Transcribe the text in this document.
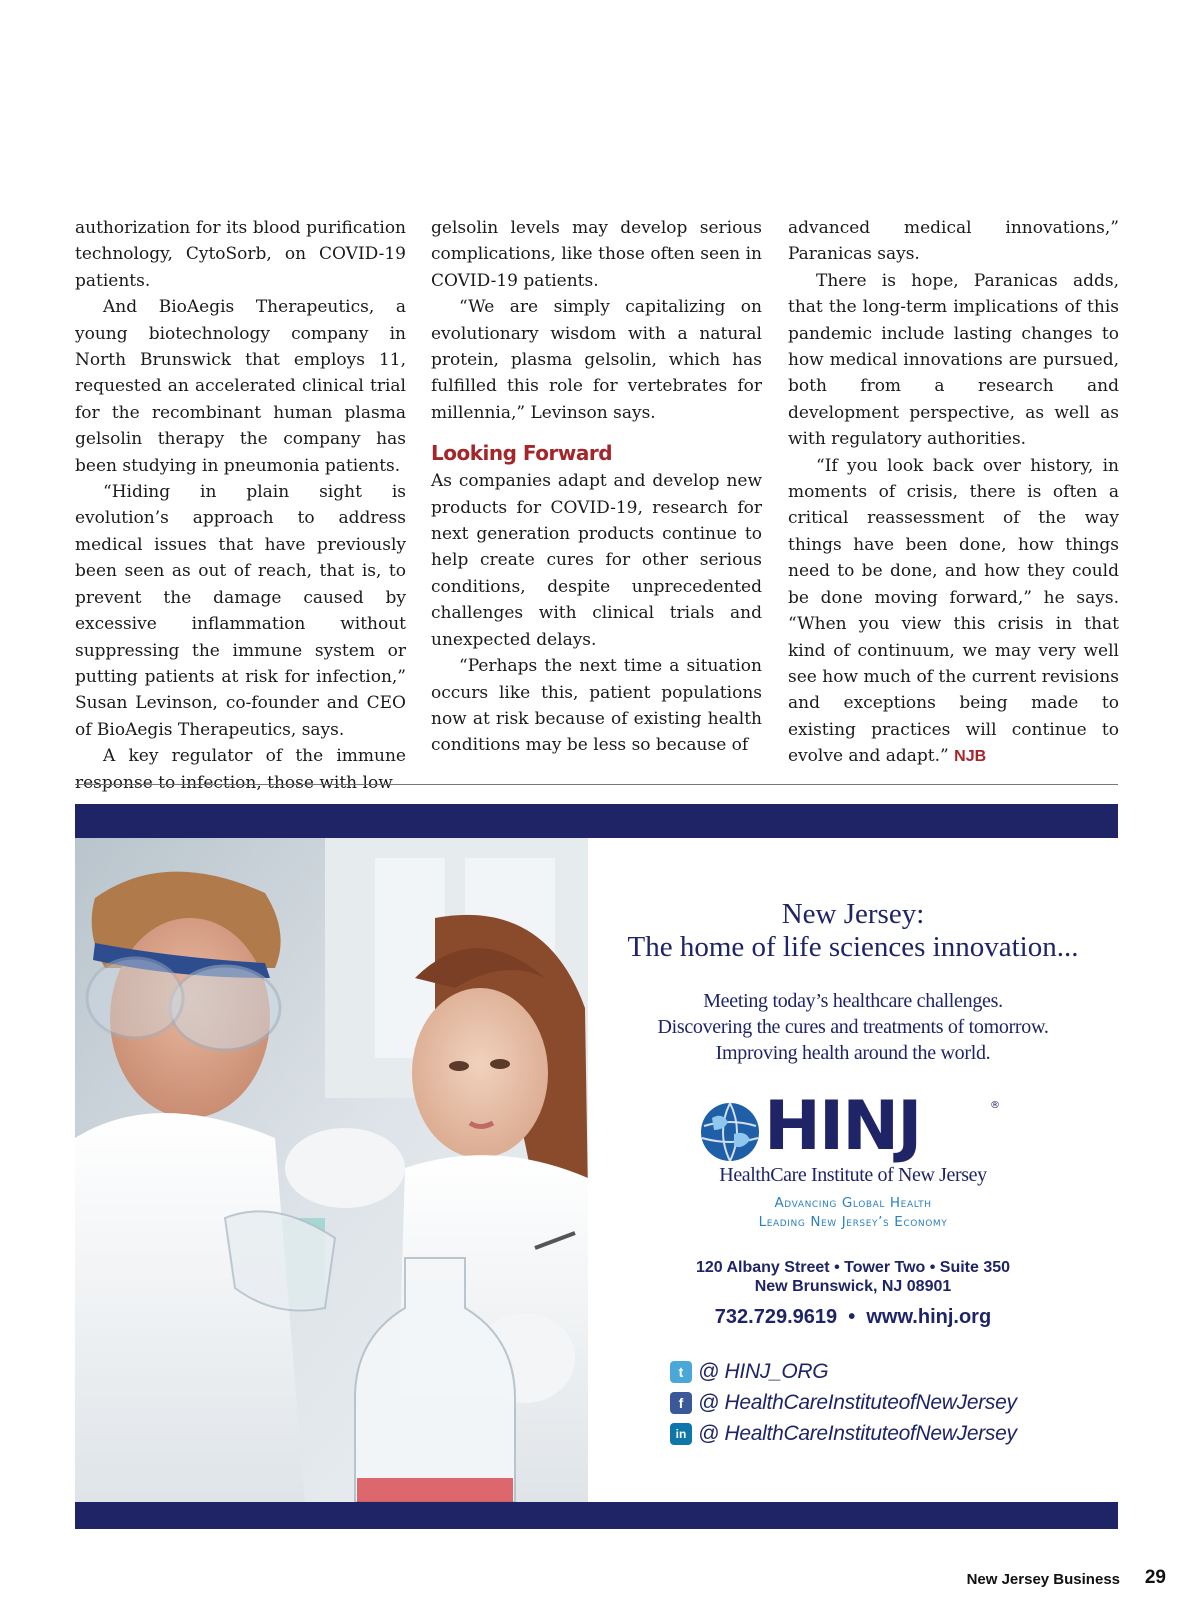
authorization for its blood purification technology, CytoSorb, on COVID-19 patients.

And BioAegis Therapeutics, a young biotechnology company in North Brunswick that employs 11, requested an accelerated clinical trial for the recombinant human plasma gelsolin therapy the company has been studying in pneumonia patients.

“Hiding in plain sight is evolution’s approach to address medical issues that have previously been seen as out of reach, that is, to prevent the damage caused by excessive inflammation without suppressing the immune system or putting patients at risk for infection,” Susan Levinson, co-founder and CEO of BioAegis Therapeutics, says.

A key regulator of the immune response to infection, those with low

gelsolin levels may develop serious complications, like those often seen in COVID-19 patients.

“We are simply capitalizing on evolutionary wisdom with a natural protein, plasma gelsolin, which has fulfilled this role for vertebrates for millennia,” Levinson says.

Looking Forward

As companies adapt and develop new products for COVID-19, research for next generation products continue to help create cures for other serious conditions, despite unprecedented challenges with clinical trials and unexpected delays.

“Perhaps the next time a situation occurs like this, patient populations now at risk because of existing health conditions may be less so because of

advanced medical innovations,” Paranicas says.

There is hope, Paranicas adds, that the long-term implications of this pandemic include lasting changes to how medical innovations are pursued, both from a research and development perspective, as well as with regulatory authorities.

“If you look back over history, in moments of crisis, there is often a critical reassessment of the way things have been done, how things need to be done, and how they could be done moving forward,” he says. “When you view this crisis in that kind of continuum, we may very well see how much of the current revisions and exceptions being made to existing practices will continue to evolve and adapt.” NJB

New Jersey:
The home of life sciences innovation...
Meeting today’s healthcare challenges.
Discovering the cures and treatments of tomorrow.
Improving health around the world.
HINJ	®
HealthCare Institute of New Jersey
Advancing Global Health
Leading New Jersey’s Economy
120 Albany Street • Tower Two • Suite 350
New Brunswick, NJ 08901
732.729.9619  •  www.hinj.org
t @ HINJ_ORG
f @ HealthCareInstituteofNewJersey
in @ HealthCareInstituteofNewJersey
New Jersey Business 29
